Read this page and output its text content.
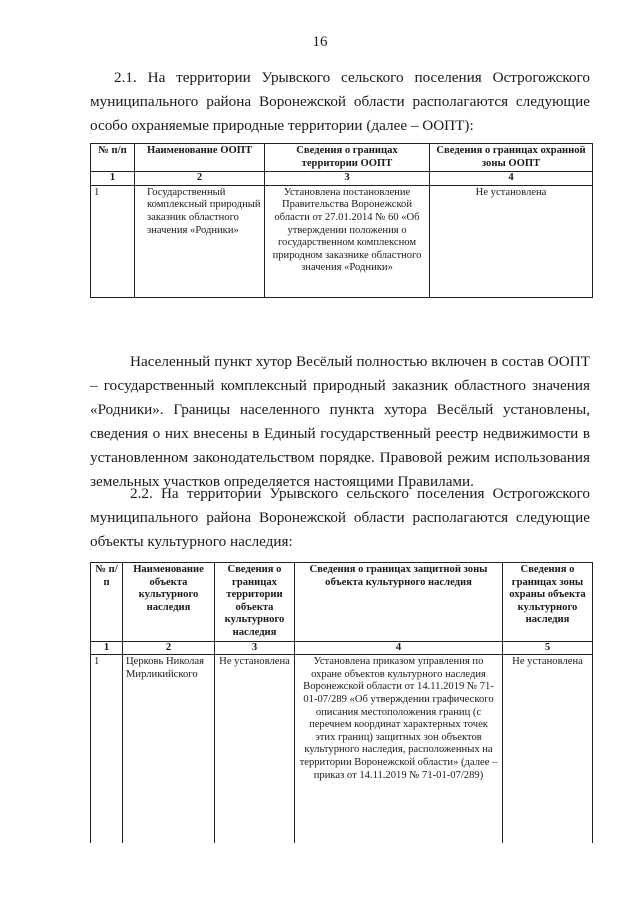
16
2.1. На территории Урывского сельского поселения Острогожского
муниципального района Воронежской области располагаются следующие
особо охраняемые природные территории (далее – ООПТ):
№ п/п	Наименование ООПТ	Сведения о границах территории ООПТ	Сведения о границах охранной зоны ООПТ
1	2	3	4
1	Государственный комплексный природный заказник областного значения «Родники»	Установлена постановление Правительства Воронежской области от 27.01.2014 № 60 «Об утверждении положения о государственном комплексном природном заказнике областного значения «Родники»	Не установлена
Населенный пункт хутор Весёлый полностью включен в состав ООПТ
– государственный комплексный природный заказник областного значения
«Родники». Границы населенного пункта хутора Весёлый установлены,
сведения о них внесены в Единый государственный реестр недвижимости в
установленном законодательством порядке. Правовой режим использования
земельных участков определяется настоящими Правилами.
2.2. На территории Урывского сельского поселения Острогожского
муниципального района Воронежской области располагаются следующие
объекты культурного наследия:
№ п/п	Наименование объекта культурного наследия	Сведения о границах территории объекта культурного наследия	Сведения о границах защитной зоны объекта культурного наследия	Сведения о границах зоны охраны объекта культурного наследия
1	2	3	4	5
1	Церковь Николая Мирликийского	Не установлена	Установлена приказом управления по охране объектов культурного наследия Воронежской области от 14.11.2019 № 71-01-07/289 «Об утверждении графического описания местоположения границ (с перечнем координат характерных точек этих границ) защитных зон объектов культурного наследия, расположенных на территории Воронежской области» (далее – приказ от 14.11.2019 № 71-01-07/289)	Не установлена
